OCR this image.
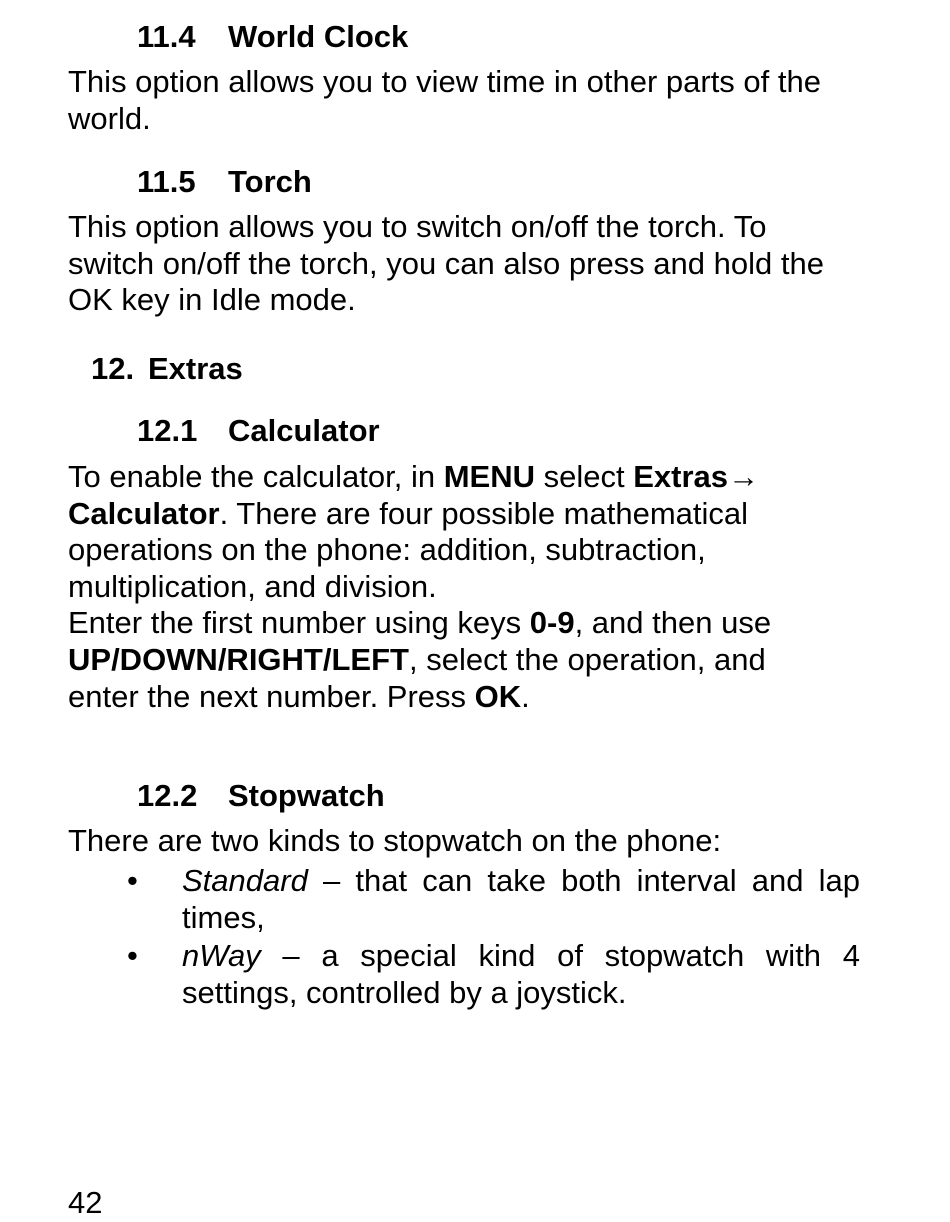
11.4 World Clock
This option allows you to view time in other parts of the
world.
11.5 Torch
This option allows you to switch on/off the torch. To
switch on/off the torch, you can also press and hold the
OK key in Idle mode.
12. Extras
12.1 Calculator
To enable the calculator, in MENU select Extras→
Calculator. There are four possible mathematical
operations on the phone: addition, subtraction,
multiplication, and division.
Enter the first number using keys 0-9, and then use
UP/DOWN/RIGHT/LEFT, select the operation, and
enter the next number. Press OK.
12.2 Stopwatch
There are two kinds to stopwatch on the phone:
• Standard – that can take both interval and lap
times,
• nWay – a special kind of stopwatch with 4
settings, controlled by a joystick.
42
